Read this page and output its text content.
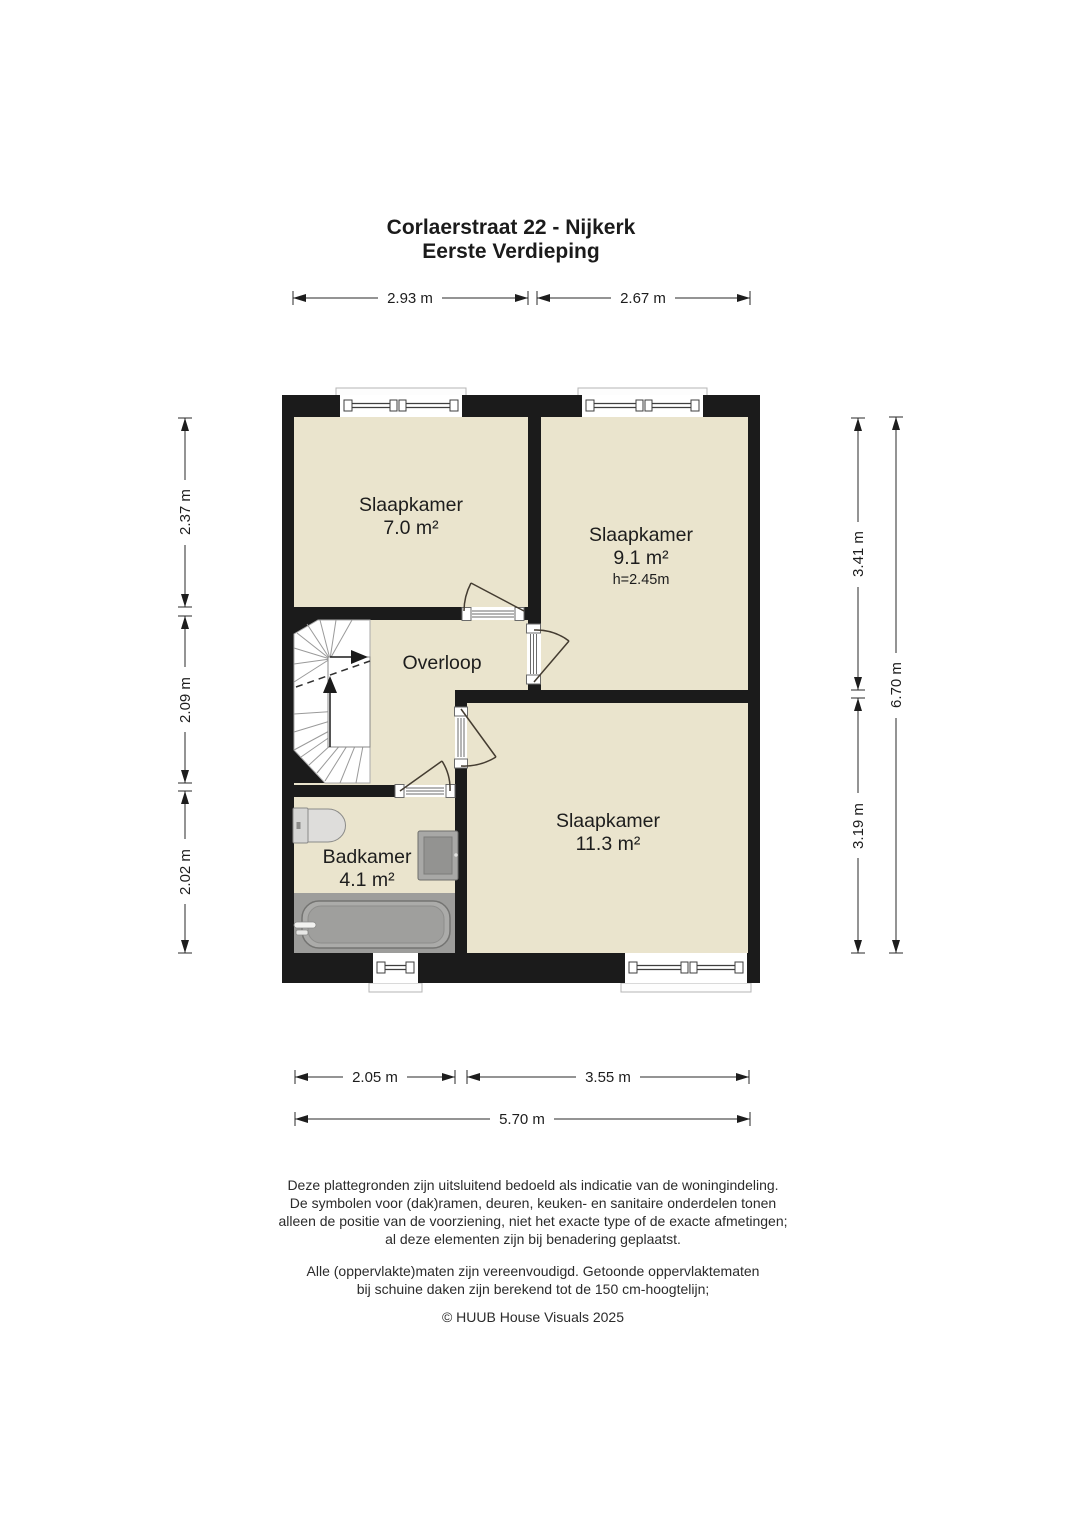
Corlaerstraat 22 - Nijkerk
Eerste Verdieping
2.93 m	2.67 m
2.37 m
2.09 m
2.02 m
3.41 m
3.19 m
6.70 m
2.05 m	3.55 m
5.70 m
Slaapkamer
7.0 m²	Slaapkamer
9.1 m²
h=2.45m
Overloop
Badkamer
4.1 m²
Slaapkamer
11.3 m²
Deze plattegronden zijn uitsluitend bedoeld als indicatie van de woningindeling.
De symbolen voor (dak)ramen, deuren, keuken- en sanitaire onderdelen tonen
alleen de positie van de voorziening, niet het exacte type of de exacte afmetingen;
al deze elementen zijn bij benadering geplaatst.
Alle (oppervlakte)maten zijn vereenvoudigd. Getoonde oppervlaktematen
bij schuine daken zijn berekend tot de 150 cm-hoogtelijn;
© HUUB House Visuals 2025
